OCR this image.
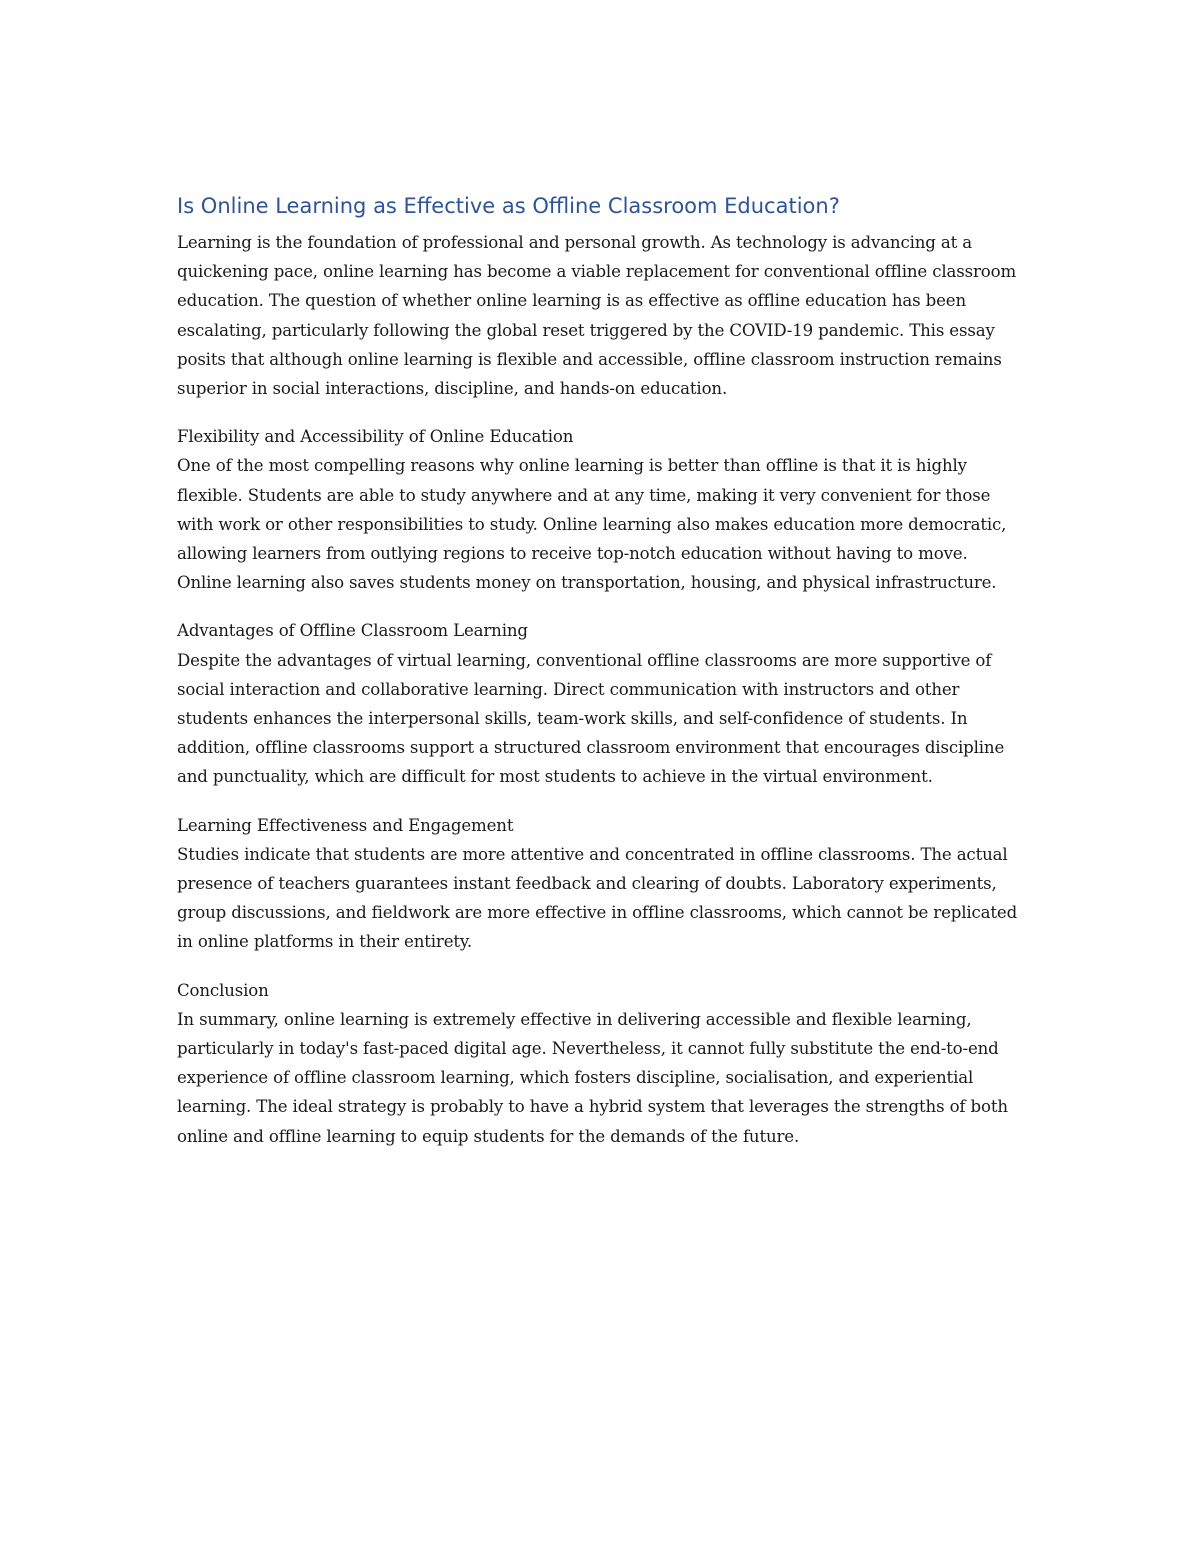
Is Online Learning as Effective as Offline Classroom Education?

Learning is the foundation of professional and personal growth. As technology is advancing at a quickening pace, online learning has become a viable replacement for conventional offline classroom education. The question of whether online learning is as effective as offline education has been escalating, particularly following the global reset triggered by the COVID-19 pandemic. This essay posits that although online learning is flexible and accessible, offline classroom instruction remains superior in social interactions, discipline, and hands-on education.

Flexibility and Accessibility of Online Education

One of the most compelling reasons why online learning is better than offline is that it is highly flexible. Students are able to study anywhere and at any time, making it very convenient for those with work or other responsibilities to study. Online learning also makes education more democratic, allowing learners from outlying regions to receive top-notch education without having to move. Online learning also saves students money on transportation, housing, and physical infrastructure.

Advantages of Offline Classroom Learning

Despite the advantages of virtual learning, conventional offline classrooms are more supportive of social interaction and collaborative learning. Direct communication with instructors and other students enhances the interpersonal skills, team-work skills, and self-confidence of students. In addition, offline classrooms support a structured classroom environment that encourages discipline and punctuality, which are difficult for most students to achieve in the virtual environment.

Learning Effectiveness and Engagement

Studies indicate that students are more attentive and concentrated in offline classrooms. The actual presence of teachers guarantees instant feedback and clearing of doubts. Laboratory experiments, group discussions, and fieldwork are more effective in offline classrooms, which cannot be replicated in online platforms in their entirety.

Conclusion

In summary, online learning is extremely effective in delivering accessible and flexible learning, particularly in today's fast-paced digital age. Nevertheless, it cannot fully substitute the end-to-end experience of offline classroom learning, which fosters discipline, socialisation, and experiential learning. The ideal strategy is probably to have a hybrid system that leverages the strengths of both online and offline learning to equip students for the demands of the future.
